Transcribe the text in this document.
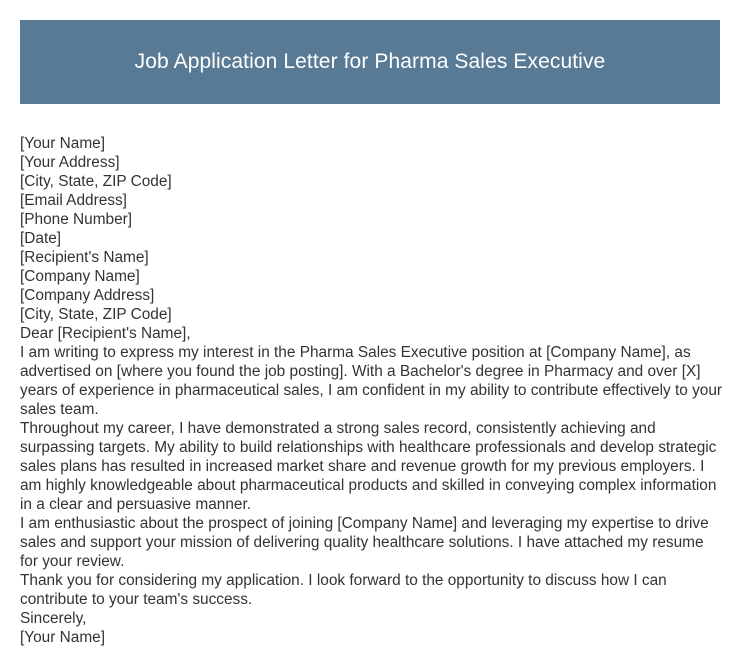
Job Application Letter for Pharma Sales Executive
[Your Name]
[Your Address]
[City, State, ZIP Code]
[Email Address]
[Phone Number]
[Date]
[Recipient's Name]
[Company Name]
[Company Address]
[City, State, ZIP Code]
Dear [Recipient's Name],
I am writing to express my interest in the Pharma Sales Executive position at [Company Name], as advertised on [where you found the job posting]. With a Bachelor's degree in Pharmacy and over [X] years of experience in pharmaceutical sales, I am confident in my ability to contribute effectively to your sales team.
Throughout my career, I have demonstrated a strong sales record, consistently achieving and surpassing targets. My ability to build relationships with healthcare professionals and develop strategic sales plans has resulted in increased market share and revenue growth for my previous employers. I am highly knowledgeable about pharmaceutical products and skilled in conveying complex information in a clear and persuasive manner.
I am enthusiastic about the prospect of joining [Company Name] and leveraging my expertise to drive sales and support your mission of delivering quality healthcare solutions. I have attached my resume for your review.
Thank you for considering my application. I look forward to the opportunity to discuss how I can contribute to your team's success.
Sincerely,
[Your Name]
